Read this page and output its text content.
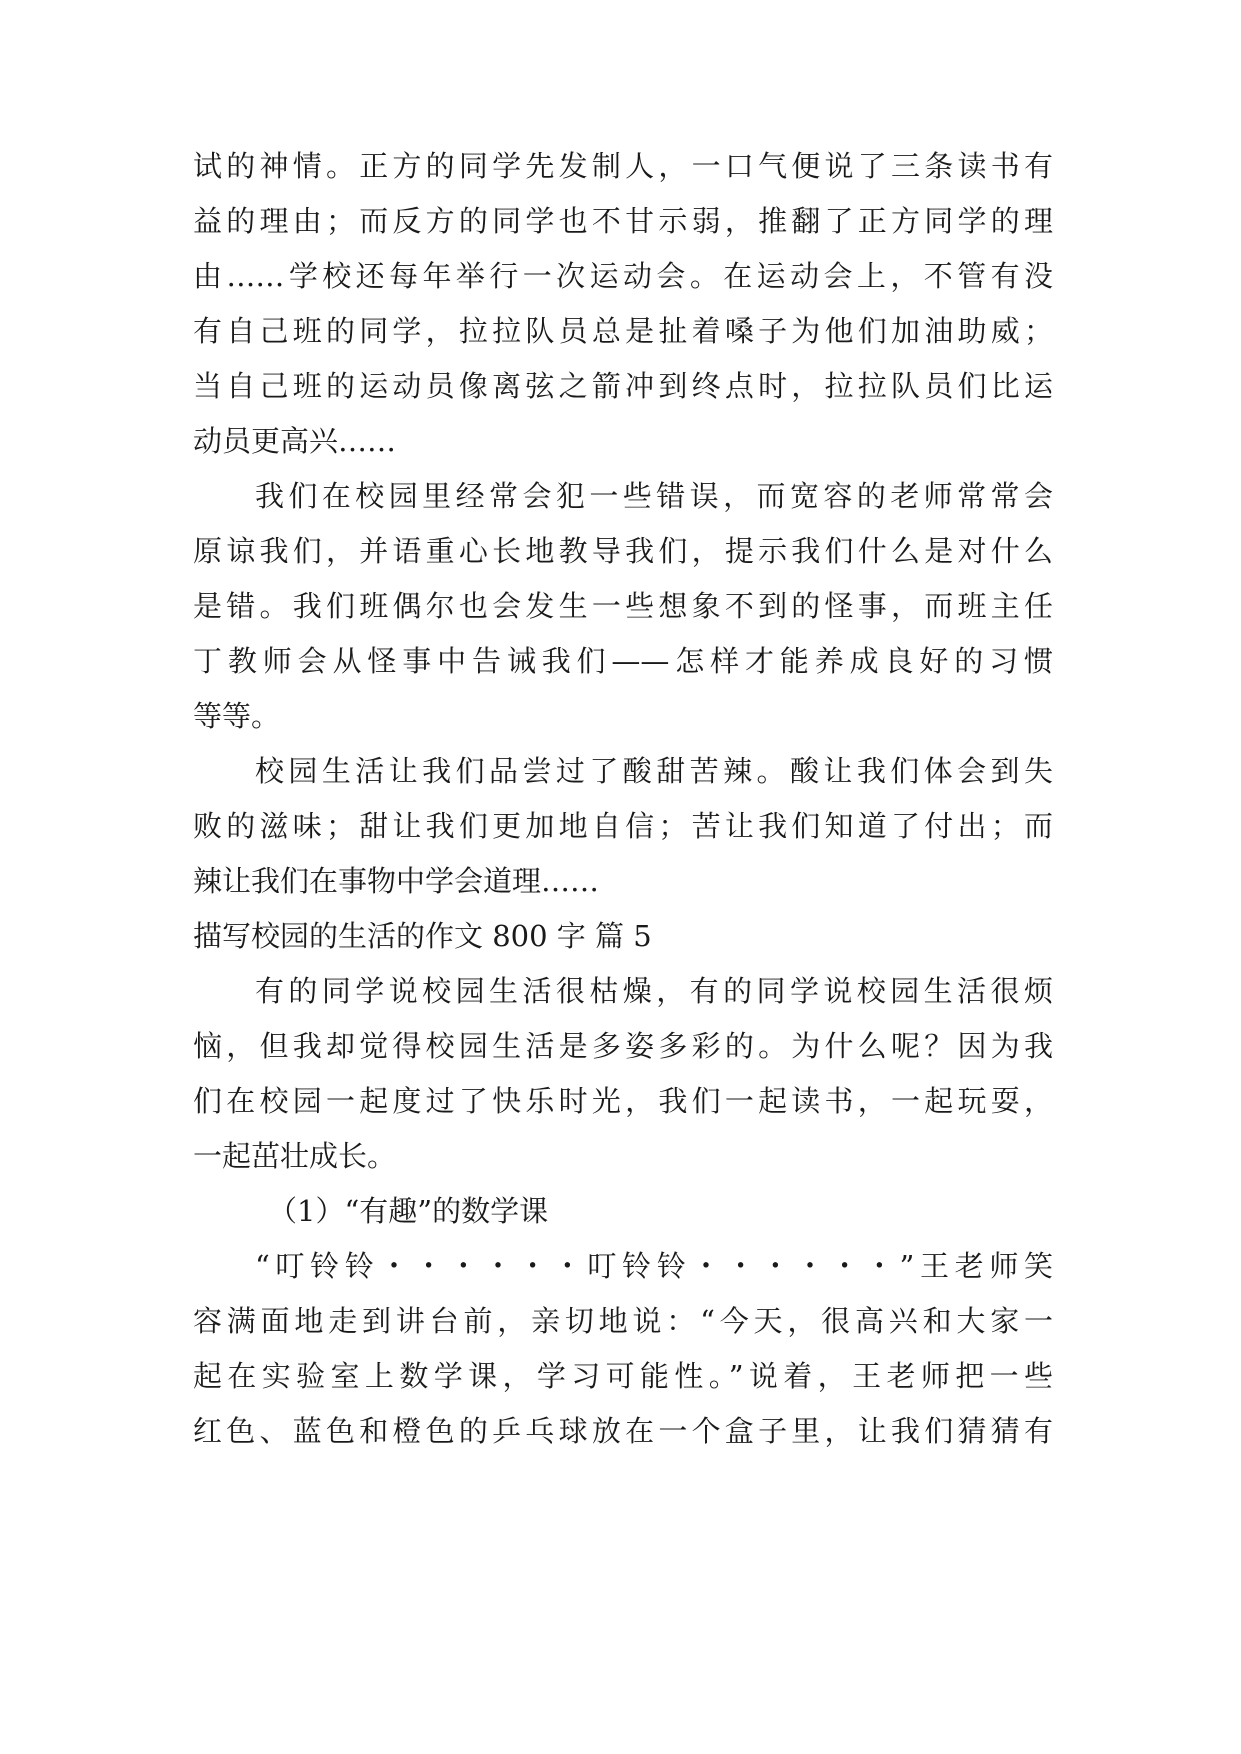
试的神情。正方的同学先发制人，一口气便说了三条读书有
益的理由；而反方的同学也不甘示弱，推翻了正方同学的理
由……学校还每年举行一次运动会。在运动会上，不管有没
有自己班的同学，拉拉队员总是扯着嗓子为他们加油助威；
当自己班的运动员像离弦之箭冲到终点时，拉拉队员们比运
动员更高兴……
我们在校园里经常会犯一些错误，而宽容的老师常常会
原谅我们，并语重心长地教导我们，提示我们什么是对什么
是错。我们班偶尔也会发生一些想象不到的怪事，而班主任
丁教师会从怪事中告诫我们——怎样才能养成良好的习惯
等等。
校园生活让我们品尝过了酸甜苦辣。酸让我们体会到失
败的滋味；甜让我们更加地自信；苦让我们知道了付出；而
辣让我们在事物中学会道理……
描写校园的生活的作文 800 字 篇 5
有的同学说校园生活很枯燥，有的同学说校园生活很烦
恼，但我却觉得校园生活是多姿多彩的。为什么呢？因为我
们在校园一起度过了快乐时光，我们一起读书，一起玩耍，
一起茁壮成长。
（1）“有趣”的数学课
“叮铃铃・・・・・・叮铃铃・・・・・・”王老师笑
容满面地走到讲台前，亲切地说：“今天，很高兴和大家一
起在实验室上数学课，学习可能性。”说着，王老师把一些
红色、蓝色和橙色的乒乓球放在一个盒子里，让我们猜猜有
